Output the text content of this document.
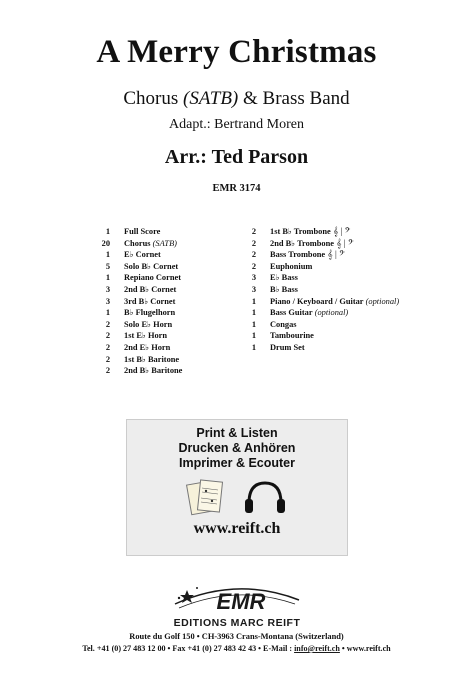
A Merry Christmas
Chorus (SATB) & Brass Band
Adapt.: Bertrand Moren
Arr.: Ted Parson
EMR 3174
1 Full Score
20 Chorus (SATB)
1 E♭ Cornet
5 Solo B♭ Cornet
1 Repiano Cornet
3 2nd B♭ Cornet
3 3rd B♭ Cornet
1 B♭ Flugelhorn
2 Solo E♭ Horn
2 1st E♭ Horn
2 2nd E♭ Horn
2 1st B♭ Baritone
2 2nd B♭ Baritone
2 1st B♭ Trombone 𝄞 | 𝄢
2 2nd B♭ Trombone 𝄞 | 𝄢
2 Bass Trombone 𝄞 | 𝄢
2 Euphonium
3 E♭ Bass
3 B♭ Bass
1 Piano / Keyboard / Guitar (optional)
1 Bass Guitar (optional)
1 Congas
1 Tambourine
1 Drum Set
Print & Listen
Drucken & Anhören
Imprimer & Ecouter
www.reift.ch
EMR
EDITIONS MARC REIFT
Route du Golf 150 • CH-3963 Crans-Montana (Switzerland)
Tel. +41 (0) 27 483 12 00 • Fax +41 (0) 27 483 42 43 • E-Mail : info@reift.ch • www.reift.ch
